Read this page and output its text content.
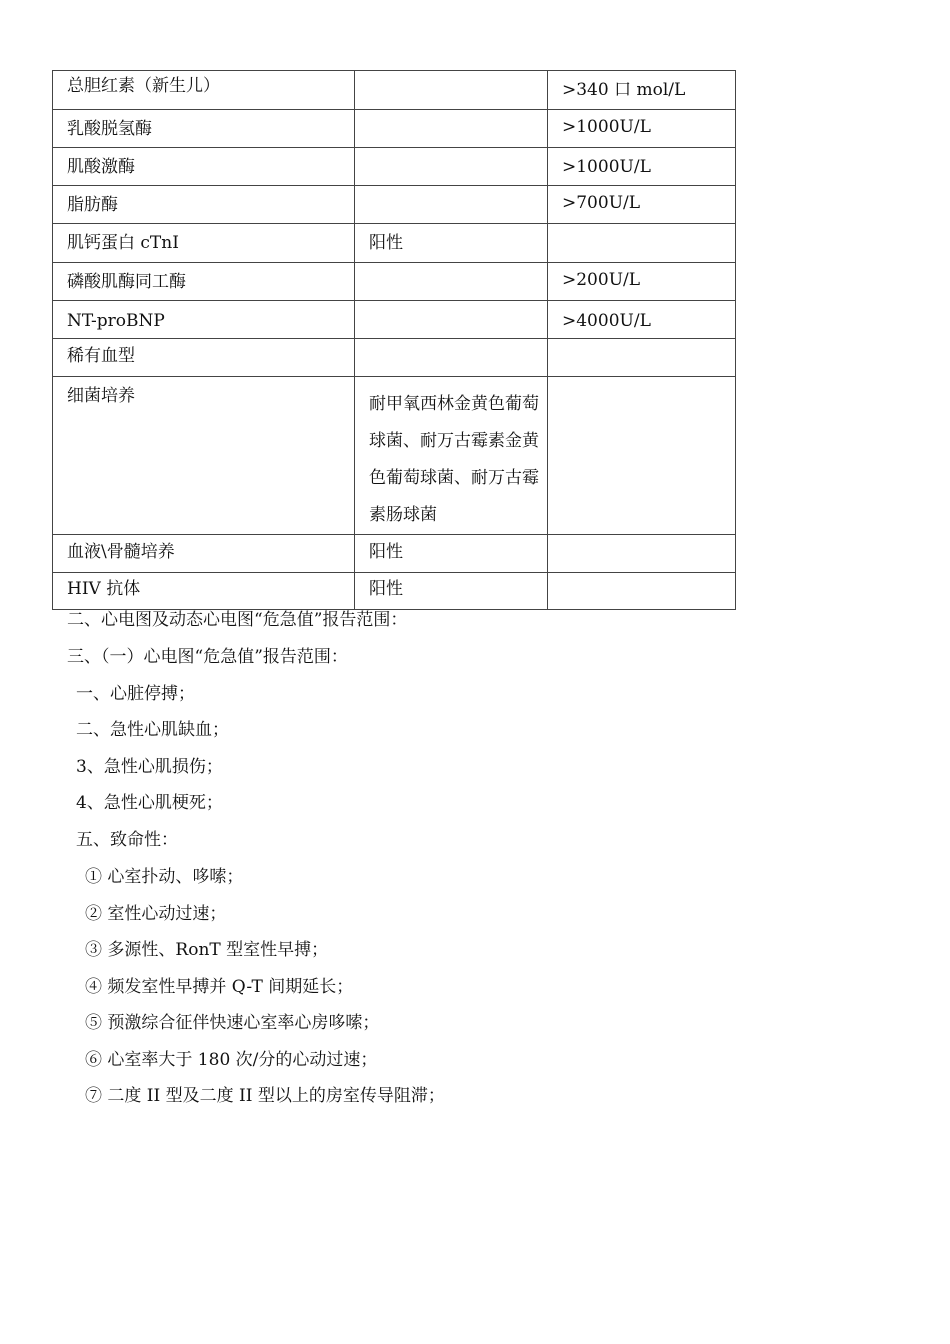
总胆红素（新生儿）		>340 口 mol/L

乳酸脱氢酶		>1000U/L

肌酸激酶		>1000U/L

脂肪酶		>700U/L

肌钙蛋白 cTnI	阳性	

磷酸肌酶同工酶		>200U/L

NT-proBNP		>4000U/L

稀有血型		

细菌培养	耐甲氧西林金黄色葡萄球菌、耐万古霉素金黄色葡萄球菌、耐万古霉素肠球菌	

血液\骨髓培养	阳性	

HIV 抗体	阳性	

二、心电图及动态心电图“危急值”报告范围：
三、（一）心电图“危急值”报告范围：
一、心脏停搏；
二、急性心肌缺血；
3、急性心肌损伤；
4、急性心肌梗死；
五、致命性：
① 心室扑动、哆嗦；
② 室性心动过速；
③ 多源性、RonT 型室性早搏；
④ 频发室性早搏并 Q-T 间期延长；
⑤ 预激综合征伴快速心室率心房哆嗦；
⑥ 心室率大于 180 次/分的心动过速；
⑦ 二度 II 型及二度 II 型以上的房室传导阻滞；
